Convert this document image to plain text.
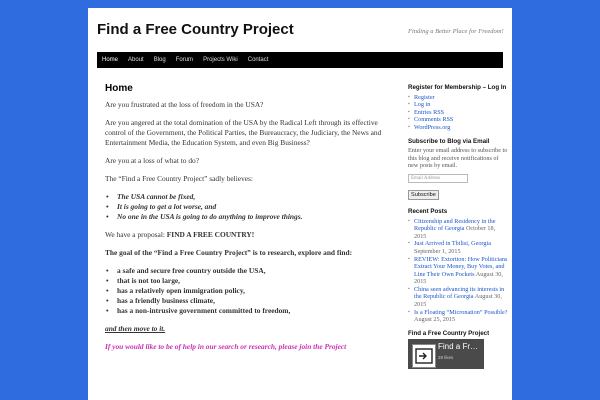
Find a Free Country Project	Finding a Better Place for Freedom!
Home	About	Blog	Forum	Projects Wiki	Contact
Home

Are you frustrated at the loss of freedom in the USA?

Are you angered at the total domination of the USA by the Radical Left through its effective control of the Government, the Political Parties, the Bureaucracy, the Judiciary, the News and Entertainment Media, the Education System, and even Big Business?

Are you at a loss of what to do?

The “Find a Free Country Project” sadly believes:

• The USA cannot be fixed,
• It is going to get a lot worse, and
• No one in the USA is going to do anything to improve things.

We have a proposal: FIND A FREE COUNTRY!

The goal of the “Find a Free Country Project” is to research, explore and find:

• a safe and secure free country outside the USA,
• that is not too large,
• has a relatively open immigration policy,
• has a friendly business climate,
• has a non-intrusive government committed to freedom,

and then move to it.

If you would like to be of help in our search or research, please join the Project

Register for Membership – Log In
▪ Register
▪ Log in
▪ Entries RSS
▪ Comments RSS
▪ WordPress.org
Subscribe to Blog via Email
Enter your email address to subscribe to this blog and receive notifications of new posts by email.
Email Address
Subscribe
Recent Posts
▪ Citizenship and Residency in the Republic of Georgia October 18, 2015
▪ Just Arrived in Tbilisi, Georgia September 1, 2015
▪ REVIEW: Extortion: How Politicians Extract Your Money, Buy Votes, and Line Their Own Pockets August 30, 2015
▪ China seen advancing its interests in the Republic of Georgia August 30, 2015
▪ Is a Floating “Micronation” Possible? August 25, 2015
Find a Free Country Project
Find a Fr…
29 likes
